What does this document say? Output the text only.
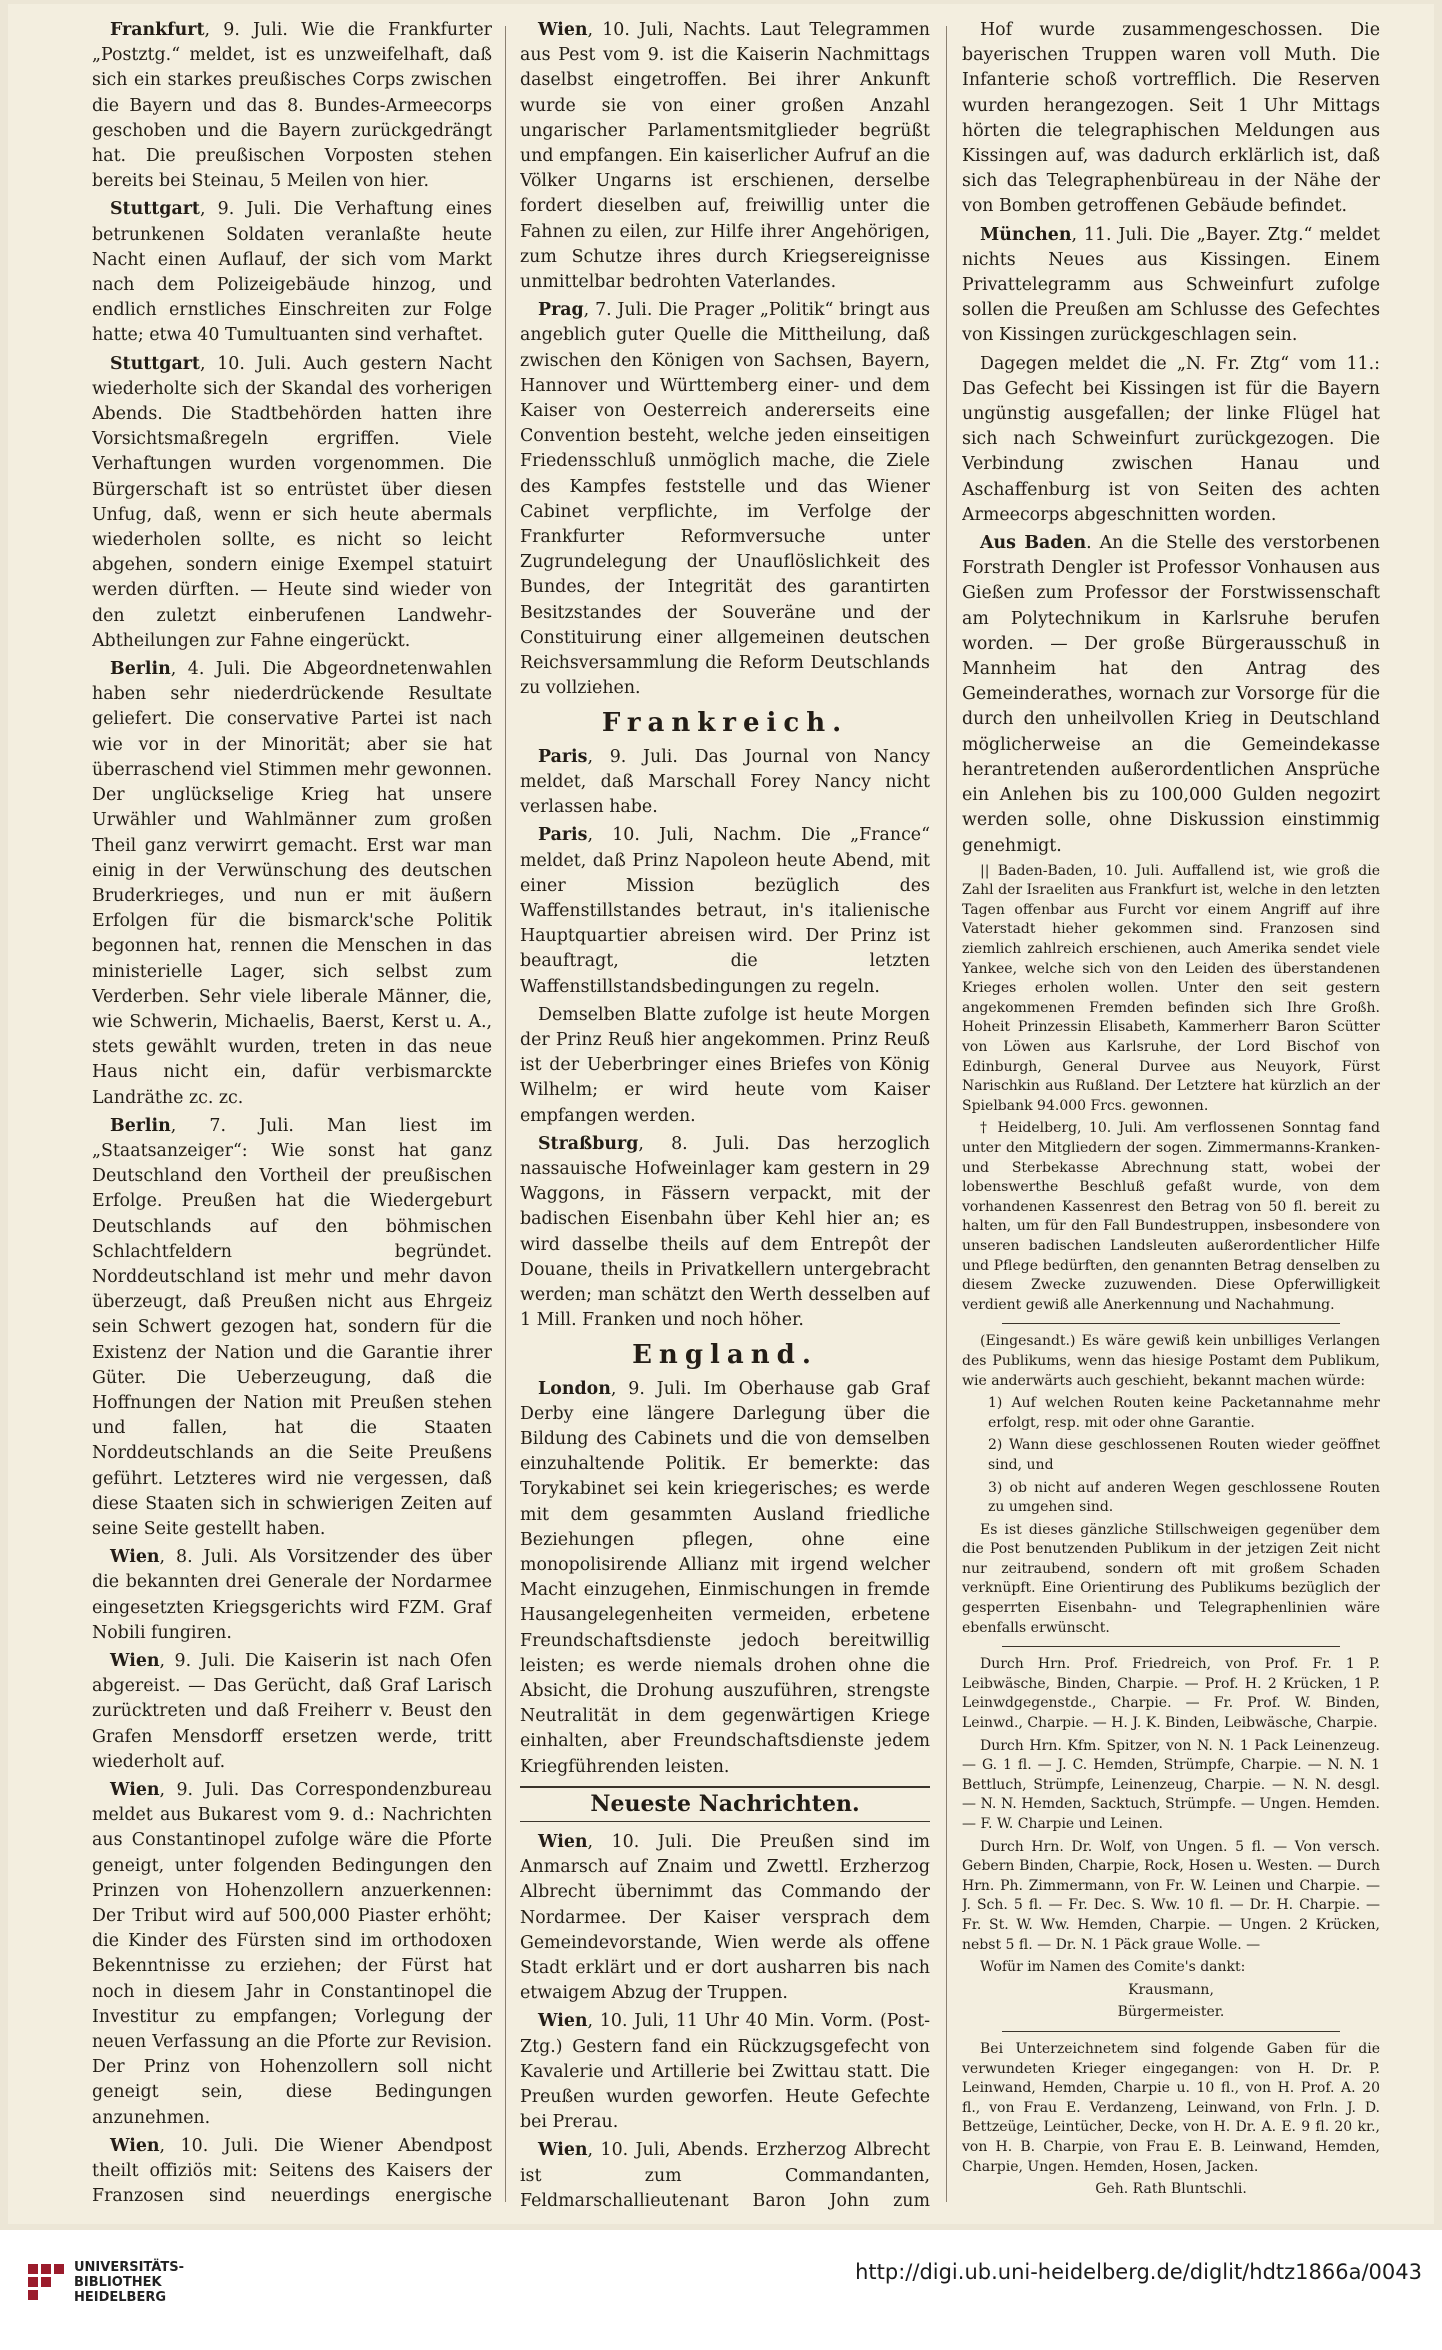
Frankfurt, 9. Juli. Wie die Frankfurter „Postztg.“ meldet, ist es unzweifelhaft, daß sich ein starkes preußisches Corps zwischen die Bayern und das 8. Bundes-Armeecorps geschoben und die Bayern zurückgedrängt hat. Die preußischen Vorposten stehen bereits bei Steinau, 5 Meilen von hier.

Stuttgart, 9. Juli. Die Verhaftung eines betrunkenen Soldaten veranlaßte heute Nacht einen Auflauf, der sich vom Markt nach dem Polizeigebäude hinzog, und endlich ernstliches Einschreiten zur Folge hatte; etwa 40 Tumultuanten sind verhaftet.

Stuttgart, 10. Juli. Auch gestern Nacht wiederholte sich der Skandal des vorherigen Abends. Die Stadtbehörden hatten ihre Vorsichtsmaßregeln ergriffen. Viele Verhaftungen wurden vorgenommen. Die Bürgerschaft ist so entrüstet über diesen Unfug, daß, wenn er sich heute abermals wiederholen sollte, es nicht so leicht abgehen, sondern einige Exempel statuirt werden dürften. — Heute sind wieder von den zuletzt einberufenen Landwehr-Abtheilungen zur Fahne eingerückt.

Berlin, 4. Juli. Die Abgeordnetenwahlen haben sehr niederdrückende Resultate geliefert. Die conservative Partei ist nach wie vor in der Minorität; aber sie hat überraschend viel Stimmen mehr gewonnen. Der unglückselige Krieg hat unsere Urwähler und Wahlmänner zum großen Theil ganz verwirrt gemacht. Erst war man einig in der Verwünschung des deutschen Bruderkrieges, und nun er mit äußern Erfolgen für die bismarck'sche Politik begonnen hat, rennen die Menschen in das ministerielle Lager, sich selbst zum Verderben. Sehr viele liberale Männer, die, wie Schwerin, Michaelis, Baerst, Kerst u. A., stets gewählt wurden, treten in das neue Haus nicht ein, dafür verbismarckte Landräthe zc. zc.

Berlin, 7. Juli. Man liest im „Staatsanzeiger“: Wie sonst hat ganz Deutschland den Vortheil der preußischen Erfolge. Preußen hat die Wiedergeburt Deutschlands auf den böhmischen Schlachtfeldern begründet. Norddeutschland ist mehr und mehr davon überzeugt, daß Preußen nicht aus Ehrgeiz sein Schwert gezogen hat, sondern für die Existenz der Nation und die Garantie ihrer Güter. Die Ueberzeugung, daß die Hoffnungen der Nation mit Preußen stehen und fallen, hat die Staaten Norddeutschlands an die Seite Preußens geführt. Letzteres wird nie vergessen, daß diese Staaten sich in schwierigen Zeiten auf seine Seite gestellt haben.

Wien, 8. Juli. Als Vorsitzender des über die bekannten drei Generale der Nordarmee eingesetzten Kriegsgerichts wird FZM. Graf Nobili fungiren.

Wien, 9. Juli. Die Kaiserin ist nach Ofen abgereist. — Das Gerücht, daß Graf Larisch zurücktreten und daß Freiherr v. Beust den Grafen Mensdorff ersetzen werde, tritt wiederholt auf.

Wien, 9. Juli. Das Correspondenzbureau meldet aus Bukarest vom 9. d.: Nachrichten aus Constantinopel zufolge wäre die Pforte geneigt, unter folgenden Bedingungen den Prinzen von Hohenzollern anzuerkennen: Der Tribut wird auf 500,000 Piaster erhöht; die Kinder des Fürsten sind im orthodoxen Bekenntnisse zu erziehen; der Fürst hat noch in diesem Jahr in Constantinopel die Investitur zu empfangen; Vorlegung der neuen Verfassung an die Pforte zur Revision. Der Prinz von Hohenzollern soll nicht geneigt sein, diese Bedingungen anzunehmen.

Wien, 10. Juli. Die Wiener Abendpost theilt offiziös mit: Seitens des Kaisers der Franzosen sind neuerdings energische

Wien, 10. Juli, Nachts. Laut Telegrammen aus Pest vom 9. ist die Kaiserin Nachmittags daselbst eingetroffen. Bei ihrer Ankunft wurde sie von einer großen Anzahl ungarischer Parlamentsmitglieder begrüßt und empfangen. Ein kaiserlicher Aufruf an die Völker Ungarns ist erschienen, derselbe fordert dieselben auf, freiwillig unter die Fahnen zu eilen, zur Hilfe ihrer Angehörigen, zum Schutze ihres durch Kriegsereignisse unmittelbar bedrohten Vaterlandes.

Prag, 7. Juli. Die Prager „Politik“ bringt aus angeblich guter Quelle die Mittheilung, daß zwischen den Königen von Sachsen, Bayern, Hannover und Württemberg einer- und dem Kaiser von Oesterreich andererseits eine Convention besteht, welche jeden einseitigen Friedensschluß unmöglich mache, die Ziele des Kampfes feststelle und das Wiener Cabinet verpflichte, im Verfolge der Frankfurter Reformversuche unter Zugrundelegung der Unauflöslichkeit des Bundes, der Integrität des garantirten Besitzstandes der Souveräne und der Constituirung einer allgemeinen deutschen Reichsversammlung die Reform Deutschlands zu vollziehen.

Frankreich.

Paris, 9. Juli. Das Journal von Nancy meldet, daß Marschall Forey Nancy nicht verlassen habe.

Paris, 10. Juli, Nachm. Die „France“ meldet, daß Prinz Napoleon heute Abend, mit einer Mission bezüglich des Waffenstillstandes betraut, in's italienische Hauptquartier abreisen wird. Der Prinz ist beauftragt, die letzten Waffenstillstandsbedingungen zu regeln.

Demselben Blatte zufolge ist heute Morgen der Prinz Reuß hier angekommen. Prinz Reuß ist der Ueberbringer eines Briefes von König Wilhelm; er wird heute vom Kaiser empfangen werden.

Straßburg, 8. Juli. Das herzoglich nassauische Hofweinlager kam gestern in 29 Waggons, in Fässern verpackt, mit der badischen Eisenbahn über Kehl hier an; es wird dasselbe theils auf dem Entrepôt der Douane, theils in Privatkellern untergebracht werden; man schätzt den Werth desselben auf 1 Mill. Franken und noch höher.

England.

London, 9. Juli. Im Oberhause gab Graf Derby eine längere Darlegung über die Bildung des Cabinets und die von demselben einzuhaltende Politik. Er bemerkte: das Torykabinet sei kein kriegerisches; es werde mit dem gesammten Ausland friedliche Beziehungen pflegen, ohne eine monopolisirende Allianz mit irgend welcher Macht einzugehen, Einmischungen in fremde Hausangelegenheiten vermeiden, erbetene Freundschaftsdienste jedoch bereitwillig leisten; es werde niemals drohen ohne die Absicht, die Drohung auszuführen, strengste Neutralität in dem gegenwärtigen Kriege einhalten, aber Freundschaftsdienste jedem Kriegführenden leisten.

Neueste Nachrichten.

Wien, 10. Juli. Die Preußen sind im Anmarsch auf Znaim und Zwettl. Erzherzog Albrecht übernimmt das Commando der Nordarmee. Der Kaiser versprach dem Gemeindevorstande, Wien werde als offene Stadt erklärt und er dort ausharren bis nach etwaigem Abzug der Truppen.

Wien, 10. Juli, 11 Uhr 40 Min. Vorm. (Post-Ztg.) Gestern fand ein Rückzugsgefecht von Kavalerie und Artillerie bei Zwittau statt. Die Preußen wurden geworfen. Heute Gefechte bei Prerau.

Wien, 10. Juli, Abends. Erzherzog Albrecht ist zum Commandanten, Feldmarschallieutenant Baron John zum

Hof wurde zusammengeschossen. Die bayerischen Truppen waren voll Muth. Die Infanterie schoß vortrefflich. Die Reserven wurden herangezogen. Seit 1 Uhr Mittags hörten die telegraphischen Meldungen aus Kissingen auf, was dadurch erklärlich ist, daß sich das Telegraphenbüreau in der Nähe der von Bomben getroffenen Gebäude befindet.

München, 11. Juli. Die „Bayer. Ztg.“ meldet nichts Neues aus Kissingen. Einem Privattelegramm aus Schweinfurt zufolge sollen die Preußen am Schlusse des Gefechtes von Kissingen zurückgeschlagen sein.

Dagegen meldet die „N. Fr. Ztg“ vom 11.: Das Gefecht bei Kissingen ist für die Bayern ungünstig ausgefallen; der linke Flügel hat sich nach Schweinfurt zurückgezogen. Die Verbindung zwischen Hanau und Aschaffenburg ist von Seiten des achten Armeecorps abgeschnitten worden.

Aus Baden. An die Stelle des verstorbenen Forstrath Dengler ist Professor Vonhausen aus Gießen zum Professor der Forstwissenschaft am Polytechnikum in Karlsruhe berufen worden. — Der große Bürgerausschuß in Mannheim hat den Antrag des Gemeinderathes, wornach zur Vorsorge für die durch den unheilvollen Krieg in Deutschland möglicherweise an die Gemeindekasse herantretenden außerordentlichen Ansprüche ein Anlehen bis zu 100,000 Gulden negozirt werden solle, ohne Diskussion einstimmig genehmigt.

|| Baden-Baden, 10. Juli. Auffallend ist, wie groß die Zahl der Israeliten aus Frankfurt ist, welche in den letzten Tagen offenbar aus Furcht vor einem Angriff auf ihre Vaterstadt hieher gekommen sind. Franzosen sind ziemlich zahlreich erschienen, auch Amerika sendet viele Yankee, welche sich von den Leiden des überstandenen Krieges erholen wollen. Unter den seit gestern angekommenen Fremden befinden sich Ihre Großh. Hoheit Prinzessin Elisabeth, Kammerherr Baron Scütter von Löwen aus Karlsruhe, der Lord Bischof von Edinburgh, General Durvee aus Neuyork, Fürst Narischkin aus Rußland. Der Letztere hat kürzlich an der Spielbank 94.000 Frcs. gewonnen.

† Heidelberg, 10. Juli. Am verflossenen Sonntag fand unter den Mitgliedern der sogen. Zimmermanns-Kranken- und Sterbekasse Abrechnung statt, wobei der lobenswerthe Beschluß gefaßt wurde, von dem vorhandenen Kassenrest den Betrag von 50 fl. bereit zu halten, um für den Fall Bundestruppen, insbesondere von unseren badischen Landsleuten außerordentlicher Hilfe und Pflege bedürften, den genannten Betrag denselben zu diesem Zwecke zuzuwenden. Diese Opferwilligkeit verdient gewiß alle Anerkennung und Nachahmung.

(Eingesandt.) Es wäre gewiß kein unbilliges Verlangen des Publikums, wenn das hiesige Postamt dem Publikum, wie anderwärts auch geschieht, bekannt machen würde:

1) Auf welchen Routen keine Packetannahme mehr erfolgt, resp. mit oder ohne Garantie.

2) Wann diese geschlossenen Routen wieder geöffnet sind, und

3) ob nicht auf anderen Wegen geschlossene Routen zu umgehen sind.

Es ist dieses gänzliche Stillschweigen gegenüber dem die Post benutzenden Publikum in der jetzigen Zeit nicht nur zeitraubend, sondern oft mit großem Schaden verknüpft. Eine Orientirung des Publikums bezüglich der gesperrten Eisenbahn- und Telegraphenlinien wäre ebenfalls erwünscht.

Durch Hrn. Prof. Friedreich, von Prof. Fr. 1 P. Leibwäsche, Binden, Charpie. — Prof. H. 2 Krücken, 1 P. Leinwdgegenstde., Charpie. — Fr. Prof. W. Binden, Leinwd., Charpie. — H. J. K. Binden, Leibwäsche, Charpie.

Durch Hrn. Kfm. Spitzer, von N. N. 1 Pack Leinenzeug. — G. 1 fl. — J. C. Hemden, Strümpfe, Charpie. — N. N. 1 Bettluch, Strümpfe, Leinenzeug, Charpie. — N. N. desgl. — N. N. Hemden, Sacktuch, Strümpfe. — Ungen. Hemden. — F. W. Charpie und Leinen.

Durch Hrn. Dr. Wolf, von Ungen. 5 fl. — Von versch. Gebern Binden, Charpie, Rock, Hosen u. Westen. — Durch Hrn. Ph. Zimmermann, von Fr. W. Leinen und Charpie. — J. Sch. 5 fl. — Fr. Dec. S. Ww. 10 fl. — Dr. H. Charpie. — Fr. St. W. Ww. Hemden, Charpie. — Ungen. 2 Krücken, nebst 5 fl. — Dr. N. 1 Päck graue Wolle. —

Wofür im Namen des Comite's dankt:

Krausmann,

Bürgermeister.

Bei Unterzeichnetem sind folgende Gaben für die verwundeten Krieger eingegangen: von H. Dr. P. Leinwand, Hemden, Charpie u. 10 fl., von H. Prof. A. 20 fl., von Frau E. Verdanzeng, Leinwand, von Frln. J. D. Bettzeüge, Leintücher, Decke, von H. Dr. A. E. 9 fl. 20 kr., von H. B. Charpie, von Frau E. B. Leinwand, Hemden, Charpie, Ungen. Hemden, Hosen, Jacken.

Geh. Rath Bluntschli.

UNIVERSITÄTS-
BIBLIOTHEK
HEIDELBERG
http://digi.ub.uni-heidelberg.de/diglit/hdtz1866a/0043
